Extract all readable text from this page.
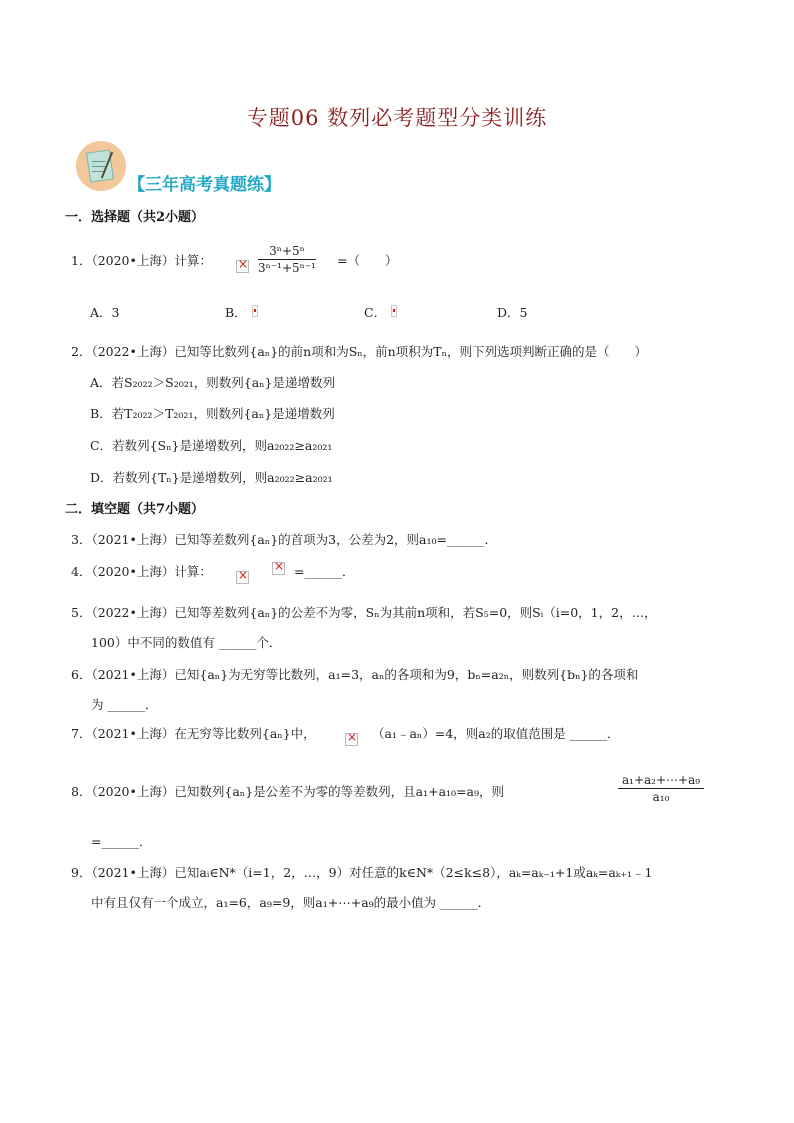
专题06 数列必考题型分类训练
【三年高考真题练】
一．选择题（共2小题）
1．（2020•上海）计算：
×	$\frac{\text{3ⁿ+5ⁿ}}{\text{3ⁿ⁻¹+5ⁿ⁻¹}}$ =（　　）
A．3	B．	C．	D．5
2．（2022•上海）已知等比数列{aₙ}的前n项和为Sₙ，前n项积为Tₙ，则下列选项判断正确的是（　　）
A．若S₂₀₂₂＞S₂₀₂₁，则数列{aₙ}是递增数列
B．若T₂₀₂₂＞T₂₀₂₁，则数列{aₙ}是递增数列
C．若数列{Sₙ}是递增数列，则a₂₀₂₂≥a₂₀₂₁
D．若数列{Tₙ}是递增数列，则a₂₀₂₂≥a₂₀₂₁
二．填空题（共7小题）
3．（2021•上海）已知等差数列{aₙ}的首项为3，公差为2，则a₁₀=______．
4．（2020•上海）计算：
× ×	=______．
5．（2022•上海）已知等差数列{aₙ}的公差不为零，Sₙ为其前n项和，若S₅=0，则Sᵢ（i=0，1，2，…，
100）中不同的数值有 ______个．
6．（2021•上海）已知{aₙ}为无穷等比数列，a₁=3，aₙ的各项和为9，bₙ=a₂ₙ，则数列{bₙ}的各项和
为 ______．
7．（2021•上海）在无穷等比数列{aₙ}中， ×	（a₁﹣aₙ）=4，则a₂的取值范围是 ______．
8．（2020•上海）已知数列{aₙ}是公差不为零的等差数列，且a₁+a₁₀=a₉，则	$\frac{\text{a₁+a₂+⋯+a₉}}{\text{a₁₀}}$
=______．
9．（2021•上海）已知aᵢ∈N*（i=1，2，…，9）对任意的k∈N*（2≤k≤8），aₖ=aₖ₋₁+1或aₖ=aₖ₊₁﹣1
中有且仅有一个成立，a₁=6，a₉=9，则a₁+⋯+a₉的最小值为 ______．
